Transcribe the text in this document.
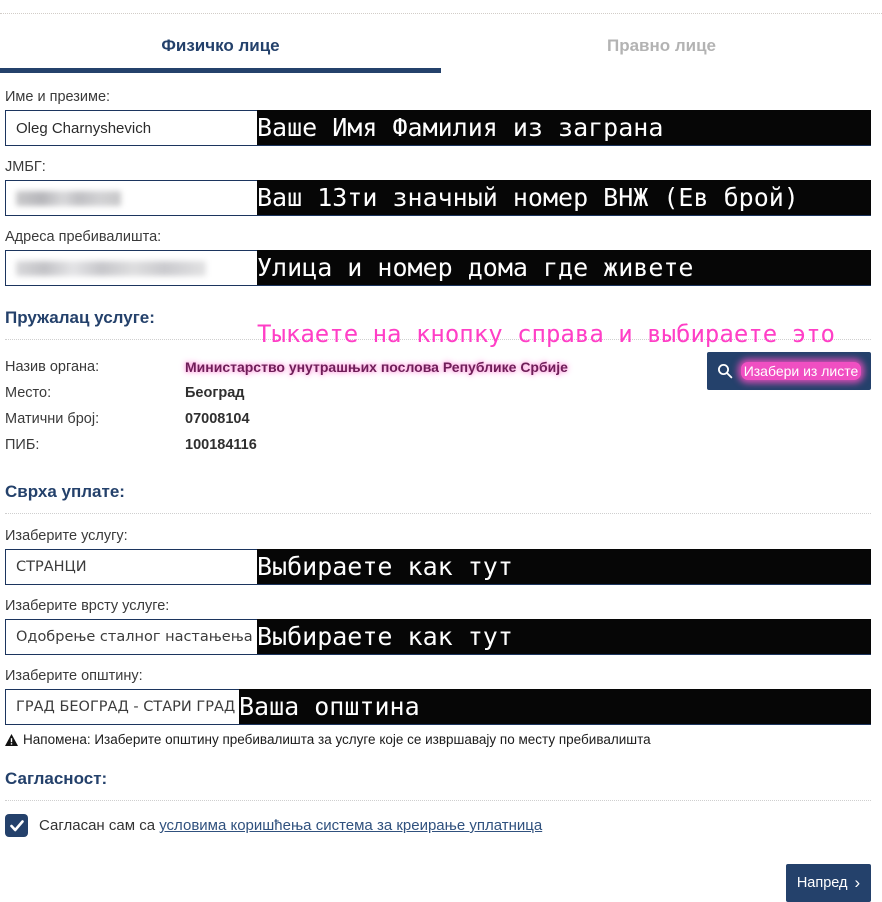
Физичко лице	Правно лице
Име и презиме:
Oleg Charnyshevich	Ваше Имя Фамилия из заграна
ЈМБГ:
Ваш 13ти значный номер ВНЖ (Ев брой)
Адреса пребивалишта:
Улица и номер дома где живете
Пружалац услуге:
Тыкаете на кнопку справа и выбираете это
Назив органа:	Министарство унутрашњих послова Републике Србије
Место:	Београд
Матични број:	07008104
ПИБ:	100184116
Изабери из листе
Сврха уплате:
Изаберите услугу:
СТРАНЦИ	Выбираете как тут
Изаберите врсту услуге:
Одобрење сталног настањења Выбираете как тут
Изаберите општину:
ГРАД БЕОГРАД - СТАРИ ГРАД Ваша општина
Напомена: Изаберите општину пребивалишта за услуге које се извршавају по месту пребивалишта
Сагласност:
Сагласан сам са условима коришћења система за креирање уплатница
Напред ›
